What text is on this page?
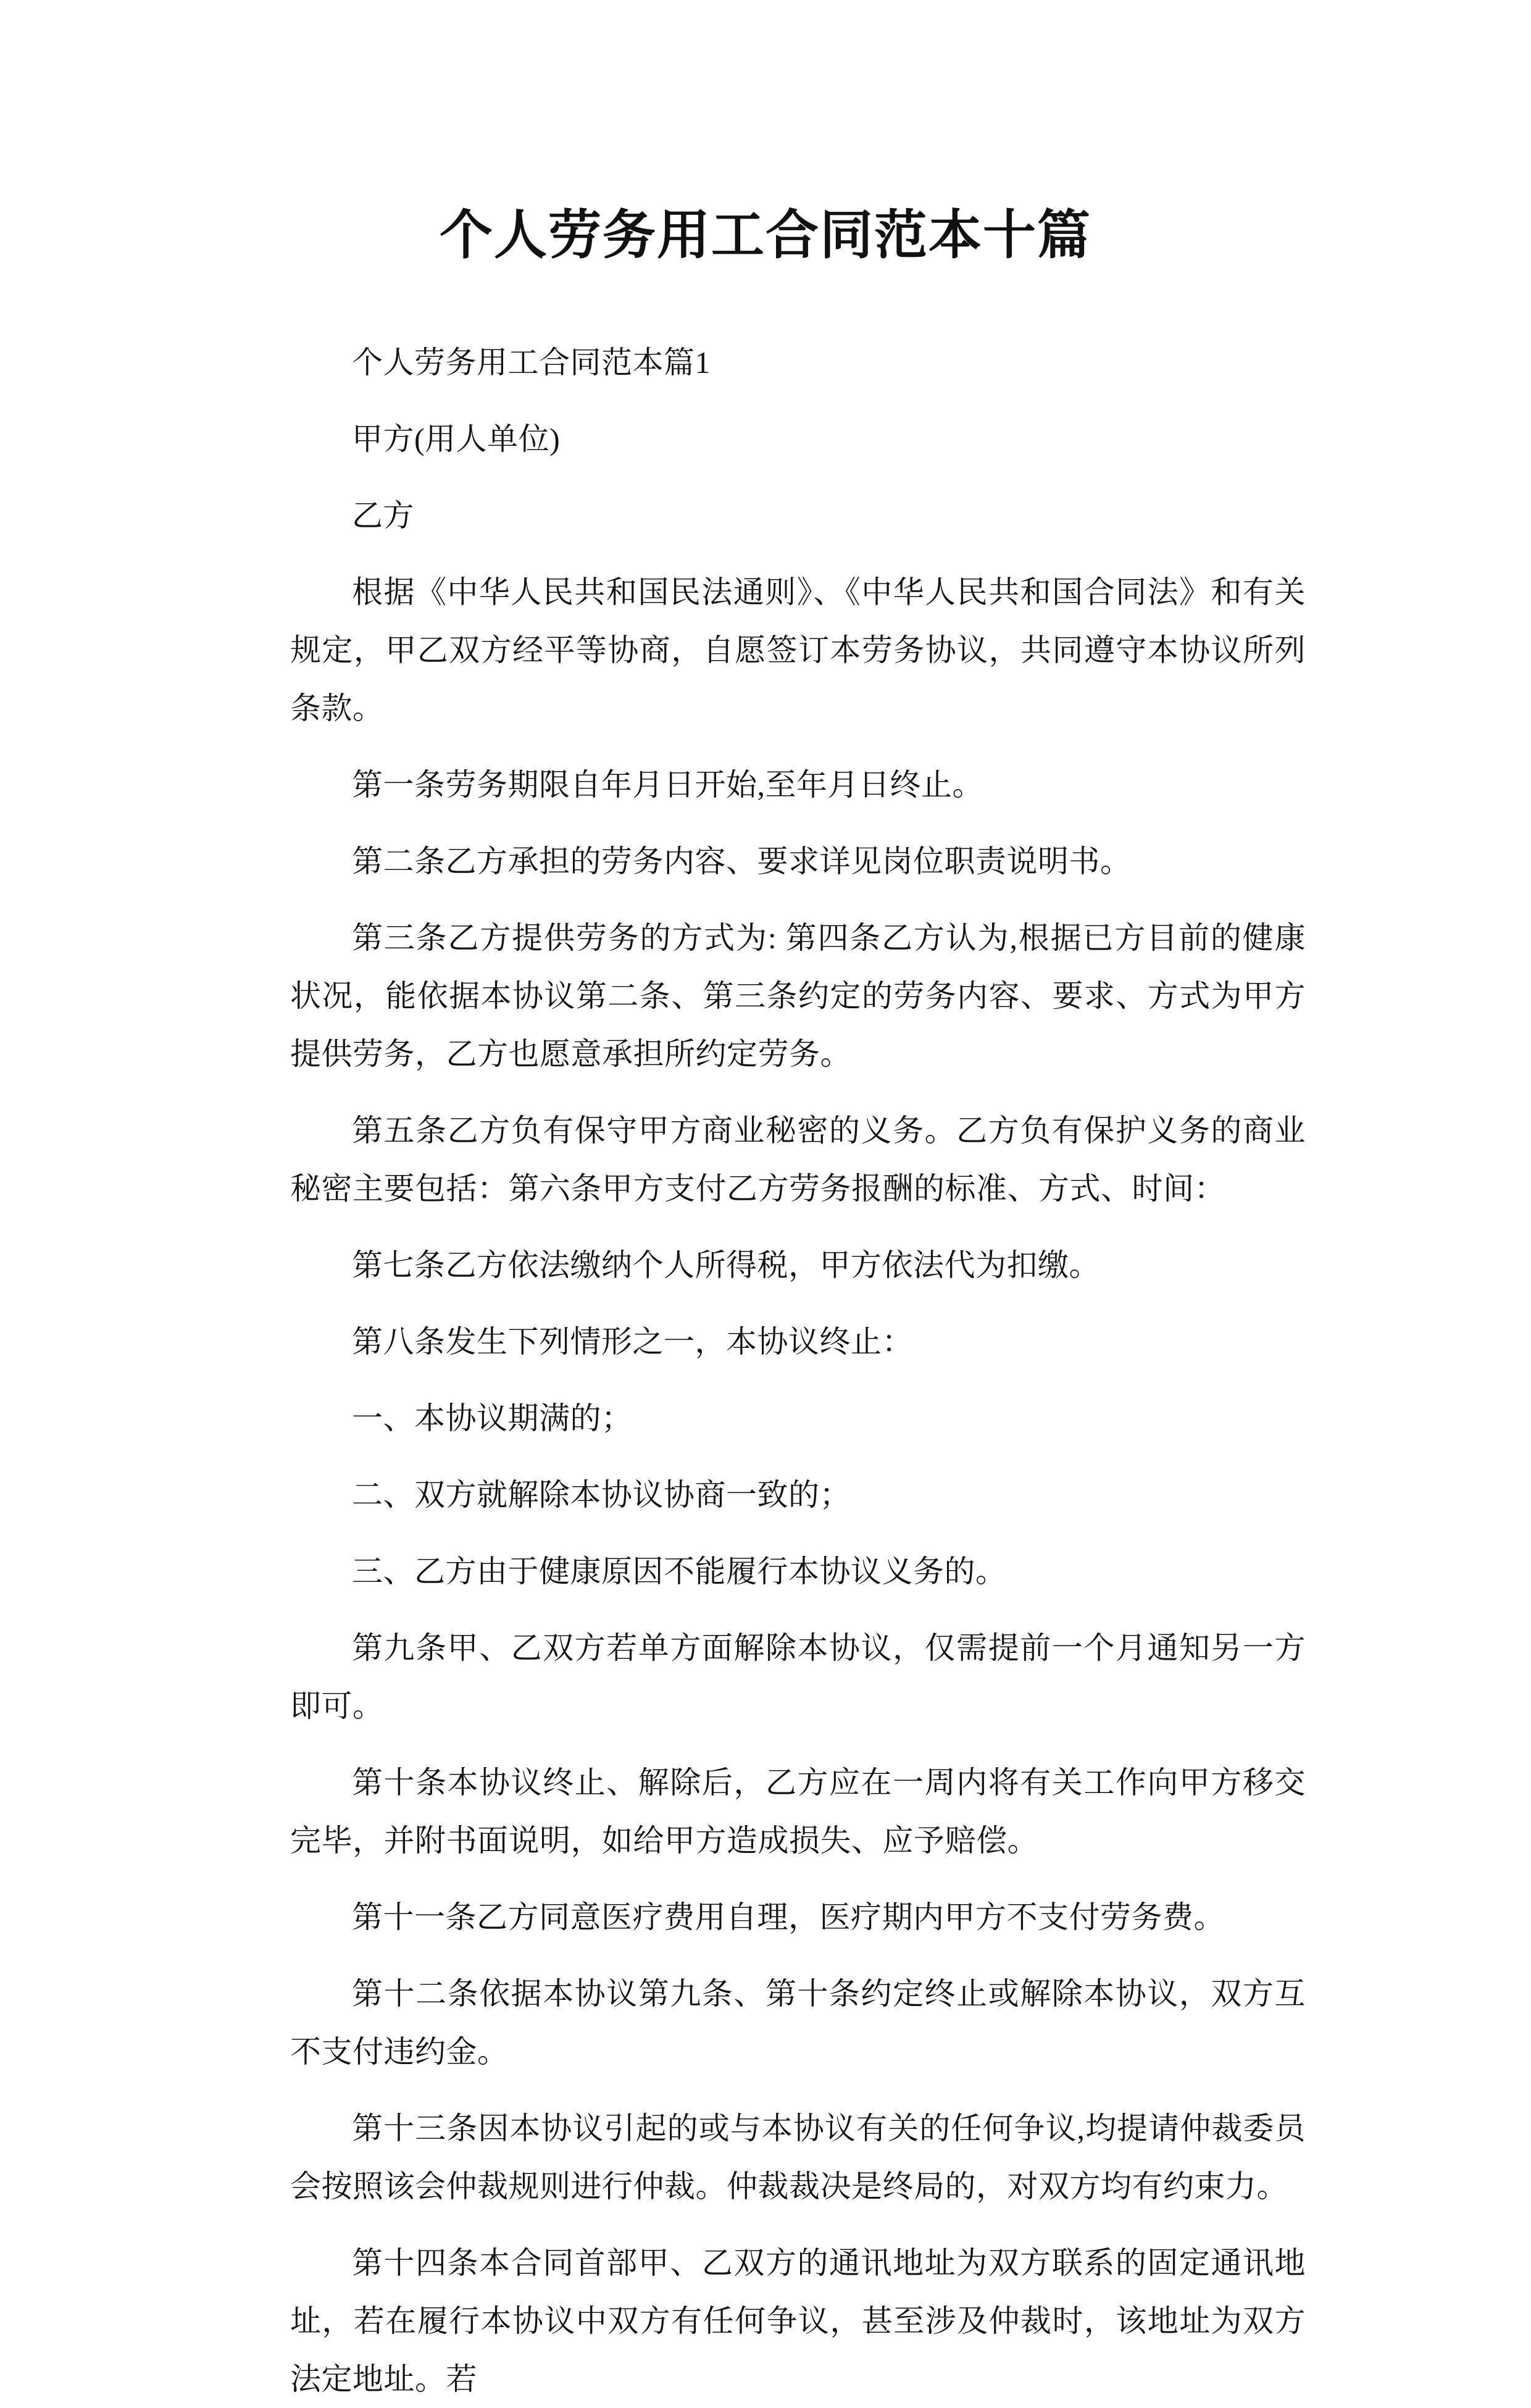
个人劳务用工合同范本十篇

个人劳务用工合同范本篇1

甲方(用人单位)

乙方

根据《中华人民共和国民法通则》、《中华人民共和国合同法》和有关规定，甲乙双方经平等协商，自愿签订本劳务协议，共同遵守本协议所列条款。

第一条劳务期限自年月日开始,至年月日终止。

第二条乙方承担的劳务内容、要求详见岗位职责说明书。

第三条乙方提供劳务的方式为: 第四条乙方认为,根据已方目前的健康状况，能依据本协议第二条、第三条约定的劳务内容、要求、方式为甲方提供劳务，乙方也愿意承担所约定劳务。

第五条乙方负有保守甲方商业秘密的义务。乙方负有保护义务的商业秘密主要包括：第六条甲方支付乙方劳务报酬的标准、方式、时间：

第七条乙方依法缴纳个人所得税，甲方依法代为扣缴。

第八条发生下列情形之一，本协议终止：

一、本协议期满的；

二、双方就解除本协议协商一致的；

三、乙方由于健康原因不能履行本协议义务的。

第九条甲、乙双方若单方面解除本协议，仅需提前一个月通知另一方即可。

第十条本协议终止、解除后，乙方应在一周内将有关工作向甲方移交完毕，并附书面说明，如给甲方造成损失、应予赔偿。

第十一条乙方同意医疗费用自理，医疗期内甲方不支付劳务费。

第十二条依据本协议第九条、第十条约定终止或解除本协议，双方互不支付违约金。

第十三条因本协议引起的或与本协议有关的任何争议,均提请仲裁委员会按照该会仲裁规则进行仲裁。仲裁裁决是终局的，对双方均有约束力。

第十四条本合同首部甲、乙双方的通讯地址为双方联系的固定通讯地址，若在履行本协议中双方有任何争议，甚至涉及仲裁时，该地址为双方法定地址。若
